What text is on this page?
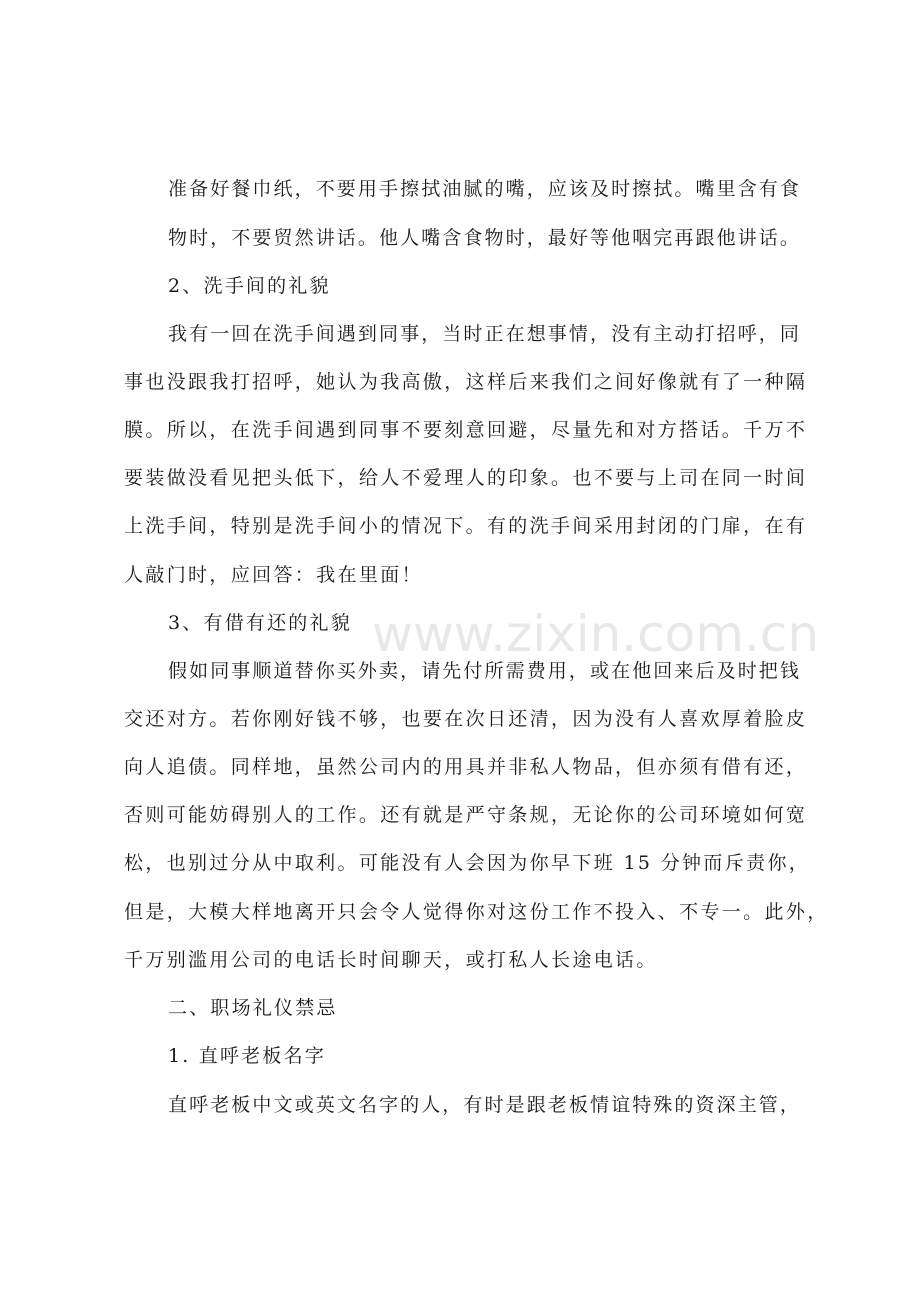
www.zixin.com.cn
准备好餐巾纸，不要用手擦拭油腻的嘴，应该及时擦拭。嘴里含有食
物时，不要贸然讲话。他人嘴含食物时，最好等他咽完再跟他讲话。
2、洗手间的礼貌
我有一回在洗手间遇到同事，当时正在想事情，没有主动打招呼，同
事也没跟我打招呼，她认为我高傲，这样后来我们之间好像就有了一种隔
膜。所以，在洗手间遇到同事不要刻意回避，尽量先和对方搭话。千万不
要装做没看见把头低下，给人不爱理人的印象。也不要与上司在同一时间
上洗手间，特别是洗手间小的情况下。有的洗手间采用封闭的门扉，在有
人敲门时，应回答：我在里面！
3、有借有还的礼貌
假如同事顺道替你买外卖，请先付所需费用，或在他回来后及时把钱
交还对方。若你刚好钱不够，也要在次日还清，因为没有人喜欢厚着脸皮
向人追债。同样地，虽然公司内的用具并非私人物品，但亦须有借有还，
否则可能妨碍别人的工作。还有就是严守条规，无论你的公司环境如何宽
松，也别过分从中取利。可能没有人会因为你早下班 15 分钟而斥责你，
但是，大模大样地离开只会令人觉得你对这份工作不投入、不专一。此外，
千万别滥用公司的电话长时间聊天，或打私人长途电话。
二、职场礼仪禁忌
1. 直呼老板名字
直呼老板中文或英文名字的人，有时是跟老板情谊特殊的资深主管，
